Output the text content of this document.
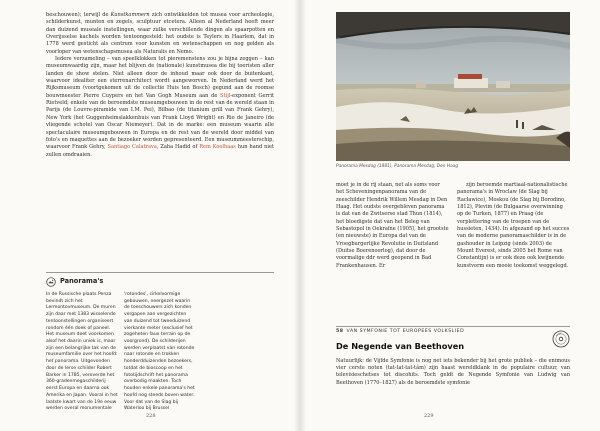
beschouwen); terwijl de Kunstkammern zich ontwikkelden tot musea voor archeologie, schilderkunst, munten en zegels, sculptuur etcetera. Alleen al Nederland heeft meer dan duizend museale instellingen, waar zulke verschillende dingen als spaarpotten en Overijsselse kachels worden tentoongesteld: het oudste is Teylers in Haarlem, dat in 1778 werd gesticht als centrum voor kunsten en wetenschappen en nog gelden als voorloper van wetenschapsmusea als Naturalis en Nemo.

Iedere verzameling – van speelklokken tot pieremenstens zou je bijna zeggen – kan museumwaardig zijn, maar het blijven de (nationale) kunstmusea die bij toeristen aller landen de show stelen. Niet alleen door de inhoud maar ook door de buitenkant, waarvoor idealiter een sterrenarchitect wordt aangeworven. In Nederland werd het Rijksmuseum (voortgekomen uit de collectie Huis ten Bosch) gegund aan de roomse bouwmeester Pierre Cuypers en het Van Gogh Museum aan de Stijl-exponent Gerrit Rietveld; enkele van de beroemdste museumgebouwen in de rest van de wereld staan in Parijs (de Louvre-piramide van I.M. Pei), Bilbao (de titanium grill van Frank Gehry), New York (het Guggenheimslakkenhuis van Frank Lloyd Wright) en Rio de Janeiro (de vliegende schotel van Oscar Niemeyer). Dat in de marke: een museum waarin alle spectaculaire museumgebouwen in Europa en de rest van de wereld door middel van foto's en maquettes aan de bezoeker worden gepresenteerd. Een museummeesterschip, waarvoor Frank Gehry, Santiago Calatrava, Zaha Hadid of Rem Koolhaas hun hand niet zullen omdraaien.

Panorama's

In de Russische plaats Penza bevindt zich het Lermontovmuseum. De muren zijn daar met 1383 wisselende tentoonstellingen organiseert rondom één doek of paneel. Het museum doet voorkomen alsof het daarin uniek is, maar zijn een belangrijke tak van de museumfamilie over het hoofd: het panorama. Uitgevonden door de Ierse schilder Robert Barker in 1785, veroverde het 360-gradenmegaschilderij eerst Europa en daarna ook Amerika en Japan. Vooral in het laatste kwart van de 19e eeuw werden overal monumentale

'rotondes', cirkelvormige gebouwen, neergezet waarin de toeschouwers zich konden vergapen aan vergezichten van duizend tot tweeduizend vierkante meter (exclusief het zogeheten faux terrain op de voorgrond). De schilderijen werden verplaatst van rotonde naar rotonde en trokken honderdduizenden bezoekers, totdat de bioscoop en het fototijdschrift het panorama overbodig maakten. Toch houden enkele panorama's het hoofd nog steeds boven water. Voor dat van de Slag bij Waterloo bij Brussel

228
Panorama Mesdag (1881), Panorama Mesdag, Den Haag

moet je in de rij staan, net als soms voor het Scheveningenpanorama van de zeeschilder Hendrik Willem Mesdag in Den Haag. Het oudste overgebleven panorama is dat van de Zwitserse stad Thun (1814), het bloedigste dat van het Beleg van Sebastopol in Oekraïne (1905), het grootste (en nieuwste) in Europa dat van de Vroegburgerlijke Revolutie in Duitsland (Duitse Boerenoorlog), dat door de voormalige ddr werd geopend in Bad Frankenhausen. Er

zijn beroemde martiaal-nationalistische panorama's in Wroclaw (de Slag bij Racławice), Moskou (de Slag bij Borodino, 1812), Plevim (de Bulgaarse overwinning op de Turken, 1877) en Praag (de verplettering van de troepen van de hussieten, 1434). In afgezand op het succes van de moderne panoramaschilder is in de gashouder in Leipzig (sinds 2003) de Mount Everest, sinds 2005 het Rome van Constantijn) is er ook deze ook kwijnende kunstvorm een mooie toekomst weggelegd.

58 VAN SYMFONIE TOT EUROPEES VOLKSLIED
De Negende van Beethoven

Natuurlijk: de Vijfde Symfonie is nog net iets bekender bij het grote publiek – die enimous vier cerste noten (tat-tat-tat-tâm) zijn haast wereldklank in de populaire cultuur, van televisieschetses tot discohits. Toch geldt de Negende Symfonie van Ludwig van Beethoven (1770–1827) als de beroemdste symfonie

229
